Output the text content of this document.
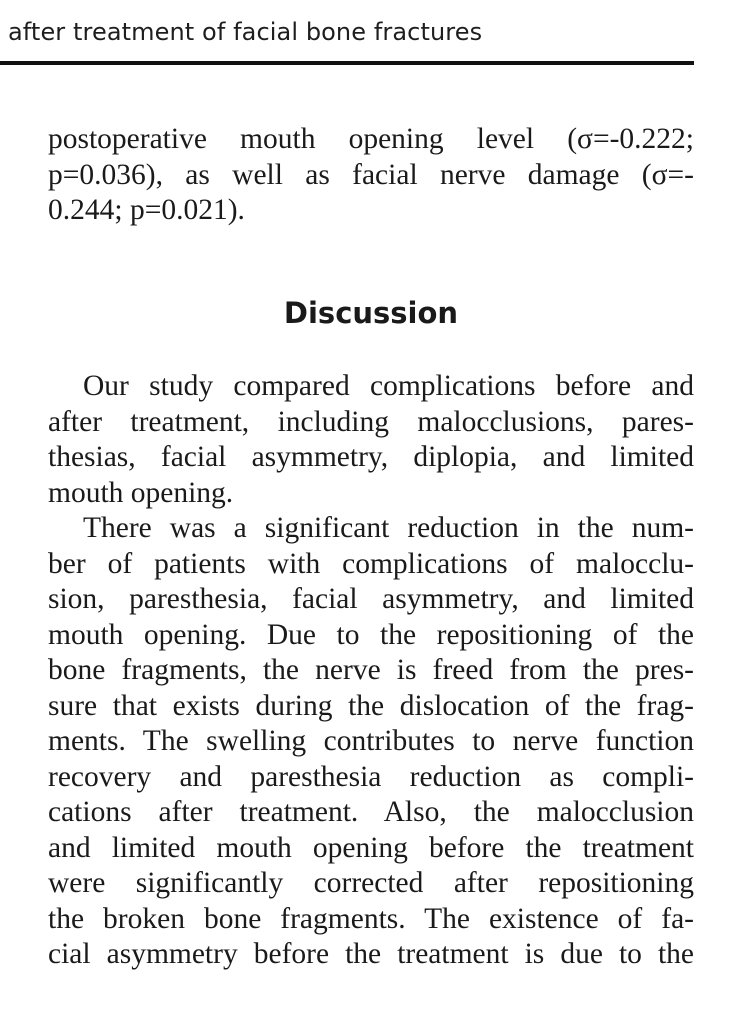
after treatment of facial bone fractures
postoperative mouth opening level (σ=-0.222;
p=0.036), as well as facial nerve damage (σ=-
0.244; p=0.021).
Discussion
Our study compared complications before and
after treatment, including malocclusions, pares-
thesias, facial asymmetry, diplopia, and limited
mouth opening.
There was a significant reduction in the num-
ber of patients with complications of malocclu-
sion, paresthesia, facial asymmetry, and limited
mouth opening. Due to the repositioning of the
bone fragments, the nerve is freed from the pres-
sure that exists during the dislocation of the frag-
ments. The swelling contributes to nerve function
recovery and paresthesia reduction as compli-
cations after treatment. Also, the malocclusion
and limited mouth opening before the treatment
were significantly corrected after repositioning
the broken bone fragments. The existence of fa-
cial asymmetry before the treatment is due to the
